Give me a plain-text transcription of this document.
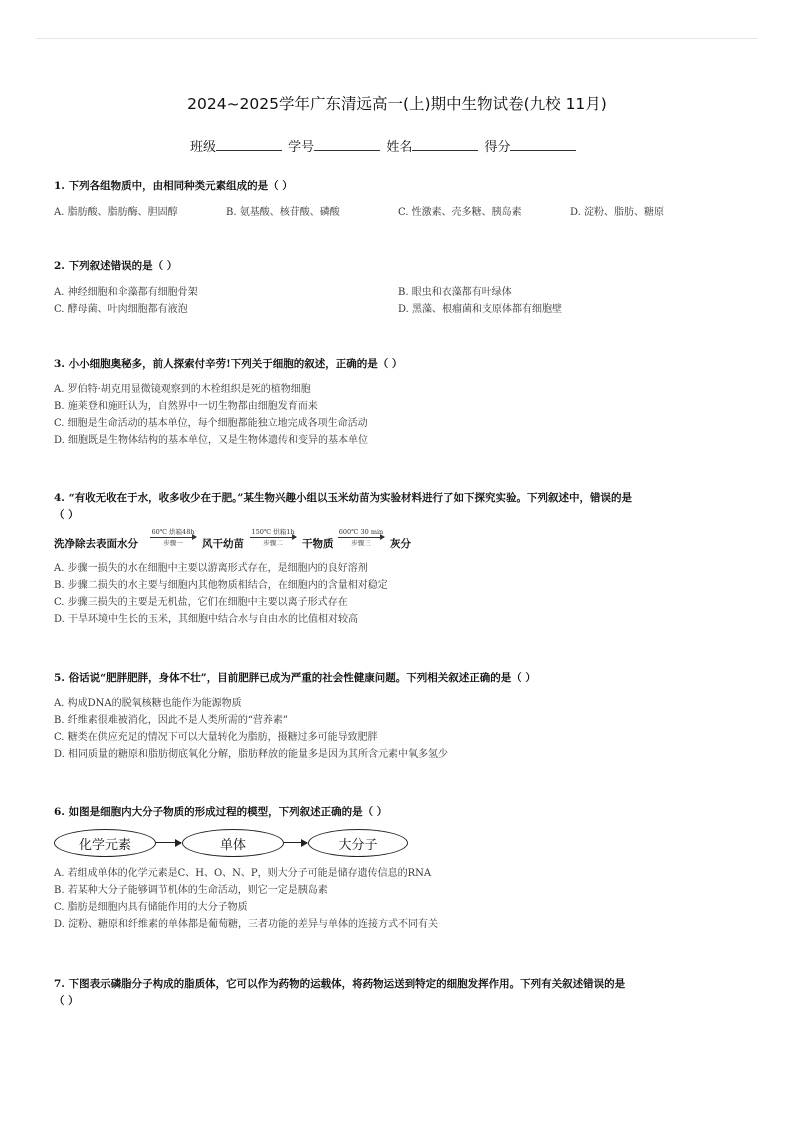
2024~2025学年广东清远高一(上)期中生物试卷(九校 11月)
班级	学号	姓名	得分
1. 下列各组物质中，由相同种类元素组成的是（ ）
A. 脂肪酸、脂肪酶、胆固醇	B. 氨基酸、核苷酸、磷酸	C. 性激素、壳多糖、胰岛素	D. 淀粉、脂肪、糖原
2. 下列叙述错误的是（ ）
A. 神经细胞和伞藻都有细胞骨架	B. 眼虫和衣藻都有叶绿体
C. 酵母菌、叶肉细胞都有液泡	D. 黑藻、根瘤菌和支原体都有细胞壁
3. 小小细胞奥秘多，前人探索付辛劳!下列关于细胞的叙述，正确的是（ ）
A. 罗伯特·胡克用显微镜观察到的木栓组织是死的植物细胞
B. 施莱登和施旺认为，自然界中一切生物都由细胞发育而来
C. 细胞是生命活动的基本单位，每个细胞都能独立地完成各项生命活动
D. 细胞既是生物体结构的基本单位，又是生物体遗传和变异的基本单位
4. “有收无收在于水，收多收少在于肥。”某生物兴趣小组以玉米幼苗为实验材料进行了如下探究实验。下列叙述中，错误的是
（ ）
洗净除去表面水分
60℃ 烘箱48h
步骤一	风干幼苗
150℃ 烘箱1h
步骤二	干物质
600℃ 30 min
步骤三	灰分
A. 步骤一损失的水在细胞中主要以游离形式存在，是细胞内的良好溶剂
B. 步骤二损失的水主要与细胞内其他物质相结合，在细胞内的含量相对稳定
C. 步骤三损失的主要是无机盐，它们在细胞中主要以离子形式存在
D. 干旱环境中生长的玉米，其细胞中结合水与自由水的比值相对较高
5. 俗话说“肥胖肥胖，身体不壮”，目前肥胖已成为严重的社会性健康问题。下列相关叙述正确的是（ ）
A. 构成DNA的脱氧核糖也能作为能源物质
B. 纤维素很难被消化，因此不是人类所需的“营养素”
C. 糖类在供应充足的情况下可以大量转化为脂肪，摄糖过多可能导致肥胖
D. 相同质量的糖原和脂肪彻底氧化分解，脂肪释放的能量多是因为其所含元素中氧多氢少
6. 如图是细胞内大分子物质的形成过程的模型，下列叙述正确的是（ ）
化学元素	单体	大分子
A. 若组成单体的化学元素是C、H、O、N、P，则大分子可能是储存遗传信息的RNA
B. 若某种大分子能够调节机体的生命活动，则它一定是胰岛素
C. 脂肪是细胞内具有储能作用的大分子物质
D. 淀粉、糖原和纤维素的单体都是葡萄糖，三者功能的差异与单体的连接方式不同有关
7. 下图表示磷脂分子构成的脂质体，它可以作为药物的运载体，将药物运送到特定的细胞发挥作用。下列有关叙述错误的是
（ ）
